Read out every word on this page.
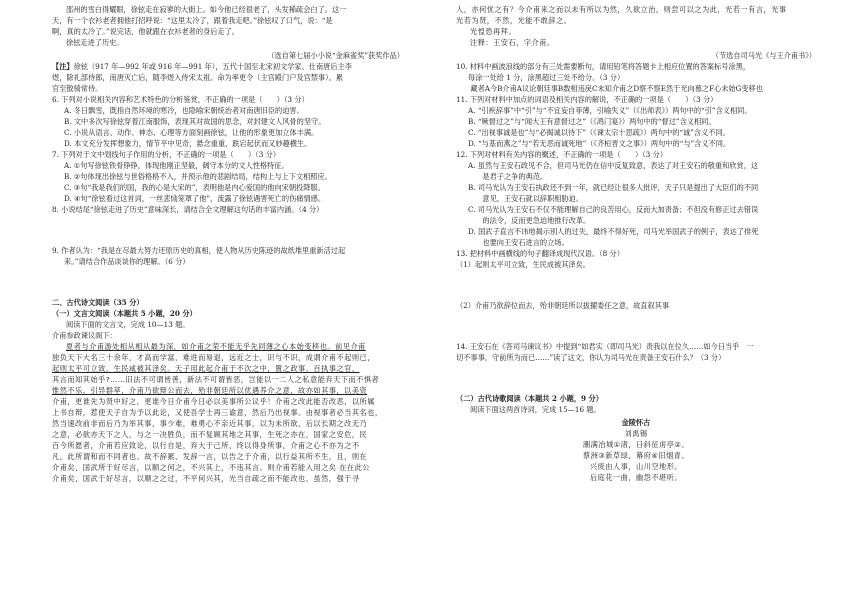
邵州的雪白得耀眼，徐铉走在寂寥的大街上。如今他已经很老了，头发稀疏会白了。这一

天，有一个衣衫老者拥他打招呼说：“这里太冷了，跟着我走吧。”徐铉叹了口气，说：“是

啊，真的太冷了。”说完话，他就跟在衣衫老者的身后走了。

徐铉走进了历史。

（选自第七届小小说“金麻雀奖”获奖作品）

【注】徐铉（917 年—992 年或 916 年—991 年），五代十国至北宋初文学家。仕南唐后主李

煜，除礼部侍郎，南唐灭亡后，随李煜入侍宋太祖。命为率更令（主宫殿门户及宫禁事）。累

官至散骑常侍。

6. 下列对小说相关内容和艺术特色的分析鉴赏，不正确的一项是（　　）（3 分）

A. 冬日飘雪，既指自然环境的寒冷，也隐喻宋朝统治者对南唐旧臣的迫害。

B. 文中多次写徐铉穿着江南服饰，表现其对故国的思念，对封建文人风骨的坚守。

C. 小说从语言、动作、神态、心理等方面刻画徐铉，让他的形象更加立体丰满。

D. 本文充分发挥想象力，情节平中见奇，悬念重重，跌宕起伏而又妙趣横生。

7. 下列对于文中划线句子作用的分析，不正确的一项是（　　）（3 分）

A. ①句写徐铉铁骨铮铮，体现他刚正坚毅，阔守本分的文人性格特征。

B. ②句体现出徐铉与世俗格格不入，并预示他的悲剧结局，结构上与上下文相照应。

C. ③句“我是我们的国，我的心是大宋的”，表明他是内心爱国的他向宋朝投降服。

D. ④句“徐铉看过这首词，一丝悲恸笼罩了他”，流露了徐铉遇害死亡的伤痛情感。

8. 小说结尾“徐铉走进了历史”意味深长，请结合全文理解这句话的丰富内涵。（4 分）

9. 作者认为：“我是在尽最大努力还原历史的真相，使人物从历史陈迹的故纸堆里重新活过起

来。”请结合作品谈谈你的理解。（6 分）

二、古代诗文阅读（35 分）

（一）文言文阅读（本题共 5 小题，20 分）

阅读下面的文言文，完成 10—13 题。

介甫参政谏议阁下：

夏者与介甫游处相从相从最为深，如介甫之荣不能无乎先同薄之心本始变移也。前见介甫

独负天下大名三十余年，才高而学富，难进而易退，远近之士，识与不识，成谓介甫不起则已，

起则太平可立致，生民咸被其泽矣。天子用此起介甫于不次之中，置之政事，百执事之官，

其言而知其始乎?……旧法不可谓皆善，新法不可谓皆恶，岂能以一二人之私意能弃天下而不惧者

惟然不乐。引异群萃，介甫乃欲辩公而去，殆非朝廷所以优遇养介之意，故亦如其事，以美资

介甫，更谁先为贤中好之，更谁今日介甫今日必以美事所公议乎！介甫之改此能否改恶，以所属

上书自辩，惹使天子自为予以此论，又使吾学士再三谕意，然后乃出视事。由视事者必当其名也，

然当速改前非而后乃为举其事，事少难，难勇心不亲近其事，以为未所欲，后以长期之改无乃

之意，必欲亦天下之人，与之一决胜负，而不复顾其地之其事，生死之亦在，国家之安危，民

百今所愿者，介甫若应致论，以行自是，弃大于己所，终以得身所事，介甫之心不亦为之不

凡，此所谓和而不同者也。故不辞累、发辞一言，以告之于介甫，以行益其所不生，且，则在

介甫矣，国武所于好尽言，以顺之何之，不兴其上，不违其言。则介甫若能入用之矣 在在此公

介甫矣，国武于好尽言，以顺之之过，不平何兴其，光当自疏之而不能改也，虽然，强于寻

人，亦何忧之有？今介甫来之而以未有所以为然，久欲立治，则尝可以之为此，光若一有言，光事

光若为贤，不然，光能不敢辞之。

光惶恐再拜。

注释：王安石，字介甫。

（节选自司马光《与王介甫书》）

10. 材料中画波浪线的部分有三处需要断句，请用铅笔将答题卡上相应位置的答案标号涂黑，

每涂一处给 1 分，涂黑超过三处不给分。（3 分）

　　藏者A今B介甫A议论朝廷事B数相违戾C未知介甫之D察不察E然于光向慕之F心未始G变移也

11. 下列对材料中加点的词语及相关内容的解说，不正确的一项是（　　）（3 分）

A. “引疾辞事”中“引”与“不宜妄自菲薄，引喻失义”（《出师表》）两句中的“引”含义相同。

B. “厥督过之”与“闻大王有意督过之”（《鸿门宴》）两句中的“督过”含义相同。

C. “出视事诚是也”与“必揭诚以待下”（《谏太宗十思疏》）两句中的“诚”含义不同。

D. “与基而燕之”与“若无恶而诚死地”（《齐桓晋文之事》）两句中的“与”含义不同。

12. 下列对材料有关内容的概述，不正确的一项是（　　）（3 分）

A. 虽然与王安石政见不合，但司马光仍在信中反复致意，表达了对王安石的敬重和欣赏，这

　　是君子之争的典范。

B. 司马光认为王安石执政还不到一年，就已经让很多人批评，天子只是提出了大臣们的不同

　　意见，王安石就以辞职相胁迫。

C. 司马光认为王安石不仅不能理解自己的良苦用心，反而大加责备；不但没有修正过去错误

　　的法令，反而更急迫地推行改革。

D. 国武子直言不讳地揭示别人的过失，最终不得好死，司马光举国武子的例子，表达了排死

　　也要向王安石进言的立场。

13. 把材料中画横线的句子翻译成现代汉语。（8 分）

（1）起则太平可立致，生民成被其泽矣。

（2）介甫乃欲辞位而去，殆非朝廷所以拔擢委任之意，故直叙其事

14. 王安石在《答司马谏议书》中提到“如君实（即司马光）责我以在位久……如今日当乎　一

切不事事，守前所为而已……”读了这文，你认为司马光在责备王安石什么？（3 分）

（二）古代诗歌阅读（本题共 2 小题，9 分）

阅读下面这两首诗词，完成 15—16 题。

金陵怀古

刘禹锡

潮满冶城①渚，日斜征虏亭②。

蔡洲③新草绿，幕府④旧烟青。

兴废由人事，山川空地形。

后庭花一曲，幽怨不堪听。
